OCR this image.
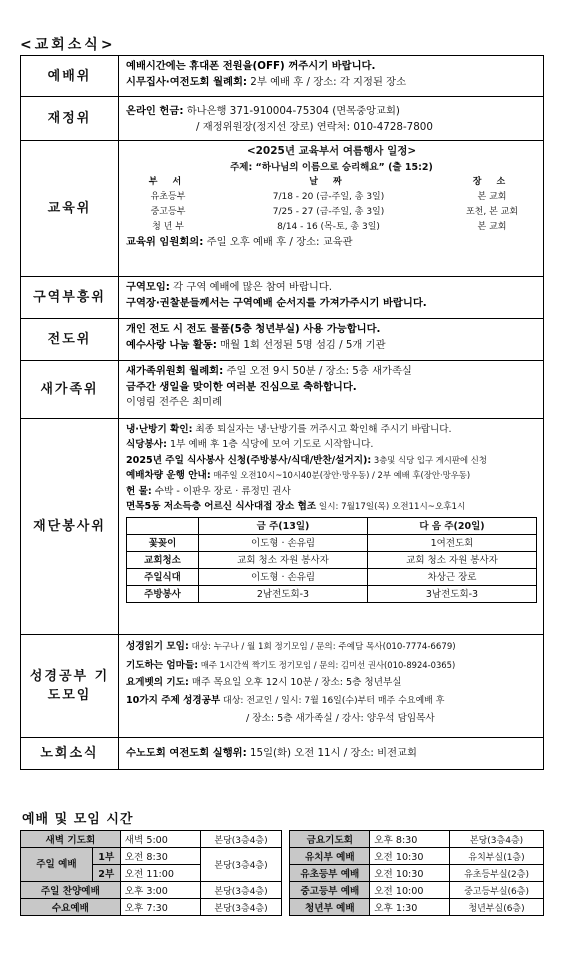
<교회소식>
예배위	
예배시간에는 휴대폰 전원을(OFF) 꺼주시기 바랍니다.
시무집사·여전도회 월례회: 2부 예배 후 / 장소: 각 지정된 장소

재정위	온라인 헌금: 하나은행 371-910004-75304 (면목중앙교회)
/ 재정위원장(정지선 장로) 연락처: 010-4728-7800

교육위	
<2025년 교육부서 여름행사 일정>
주제: “하나님의 이름으로 승리해요” (출 15:2)
부 서	날 짜	장 소
유초등부	7/18 - 20 (금-주일, 총 3일)	본 교회
중고등부	7/25 - 27 (금-주일, 총 3일)	포천, 본 교회
청 년 부	8/14 - 16 (목-토, 총 3일)	본 교회
교육위 임원회의: 주일 오후 예배 후 / 장소: 교육관

구역부흥위	
구역모임: 각 구역 예배에 많은 참여 바랍니다.
구역장·권찰분들께서는 구역예배 순서지를 가져가주시기 바랍니다.

전도위	
개인 전도 시 전도 물품(5층 청년부실) 사용 가능합니다.
예수사랑 나눔 활동: 매월 1회 선정된 5명 섬김 / 5개 기관

새가족위	
새가족위원회 월례회: 주일 오전 9시 50분 / 장소: 5층 새가족실
금주간 생일을 맞이한 여러분 진심으로 축하합니다.
이영림 전주은 최미례

재단봉사위	
냉·난방기 확인: 최종 퇴실자는 냉·난방기를 꺼주시고 확인해 주시기 바랍니다.
식당봉사: 1부 예배 후 1층 식당에 모여 기도로 시작합니다.
2025년 주일 식사봉사 신청(주방봉사/식대/반찬/설거지): 3층및 식당 입구 게시판에 신청
예배차량 운행 안내: 매주일 오전10시~10시40분(장안·망우동) / 2부 예배 후(장안·망우동)
헌 물: 수박 - 이판우 장로 · 류정민 권사
면목5동 저소득층 어르신 식사대접 장소 협조 일시: 7월17일(목) 오전11시~오후1시
	금 주(13일)	다 음 주(20일)
꽃꽂이	이도형 · 손유림	1여전도회
교회청소	교회 청소 자원 봉사자	교회 청소 자원 봉사자
주일식대	이도형 · 손유림	차상근 장로
주방봉사	2남전도회-3	3남전도회-3

성경공부 기도모임	
성경읽기 모임: 대상: 누구나 / 월 1회 정기모임 / 문의: 주예담 목사(010-7774-6679)
기도하는 엄마들: 매주 1시간씩 짝기도 정기모임 / 문의: 김미선 권사(010-8924-0365)
요게벳의 기도: 매주 목요일 오후 12시 10분 / 장소: 5층 청년부실
10가지 주제 성경공부 대상: 전교인 / 일시: 7월 16일(수)부터 매주 수요예배 후
/ 장소: 5층 새가족실 / 강사: 양우석 담임목사

노회소식	수노도회 여전도회 실행위: 15일(화) 오전 11시 / 장소: 비전교회
예배 및 모임 시간
새벽 기도회		새벽 5:00	본당(3층4층)		금요기도회	오후 8:30	본당(3층4층)
주일 예배	1부	오전 8:30	본당(3층4층)		유치부 예배	오전 10:30	유치부실(1층)
	2부	오전 11:00			유초등부 예배	오전 10:30	유초등부실(2층)
주일 찬양예배		오후 3:00	본당(3층4층)		중고등부 예배	오전 10:00	중고등부실(6층)
수요예배		오후 7:30	본당(3층4층)		청년부 예배	오후 1:30	청년부실(6층)
